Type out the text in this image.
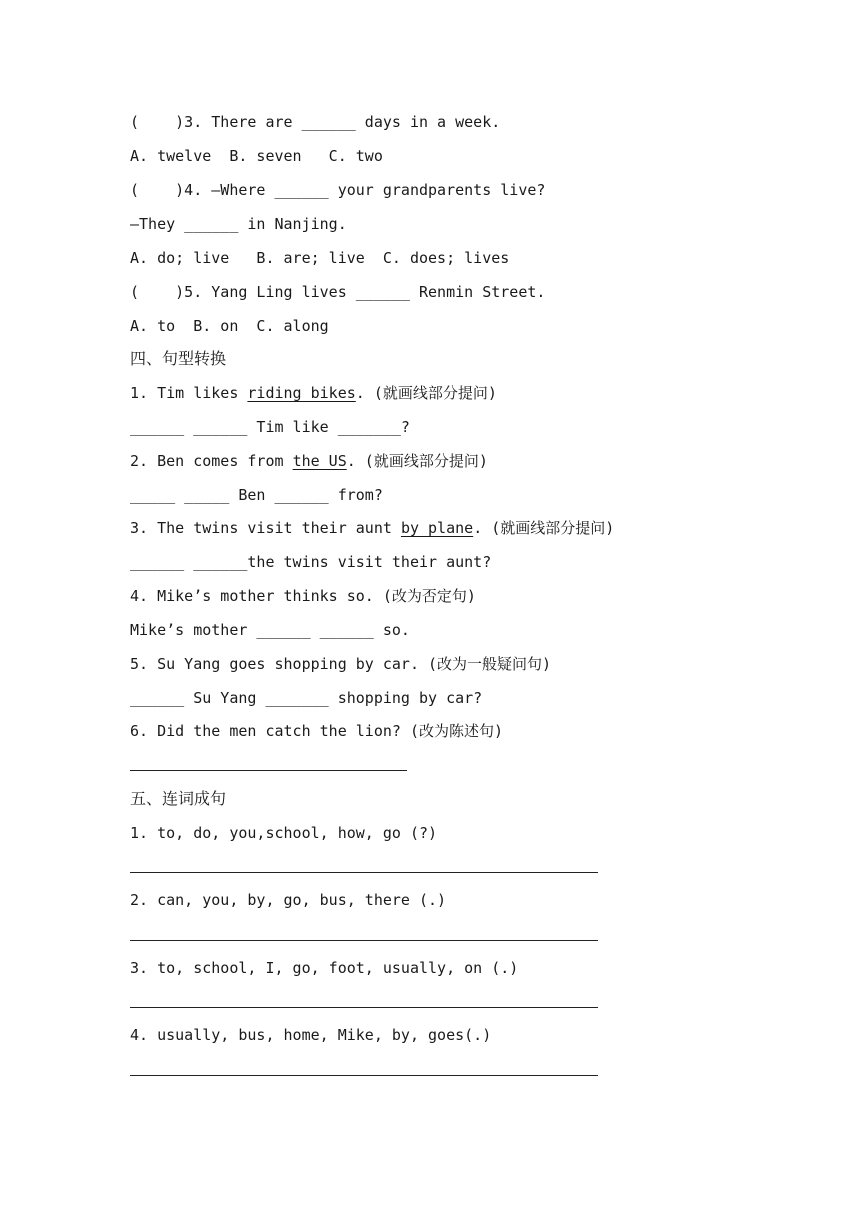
(    )3. There are ______ days in a week.
A. twelve  B. seven   C. two
(    )4. —Where ______ your grandparents live?
—They ______ in Nanjing.
A. do; live   B. are; live  C. does; lives
(    )5. Yang Ling lives ______ Renmin Street.
A. to  B. on  C. along
四、句型转换
1. Tim likes riding bikes. (就画线部分提问)
______ ______ Tim like _______?
2. Ben comes from the US. (就画线部分提问)
_____ _____ Ben ______ from?
3. The twins visit their aunt by plane. (就画线部分提问)
______ ______the twins visit their aunt?
4. Mike’s mother thinks so. (改为否定句)
Mike’s mother ______ ______ so.
5. Su Yang goes shopping by car. (改为一般疑问句)
______ Su Yang _______ shopping by car?
6. Did the men catch the lion? (改为陈述句)
五、连词成句
1. to, do, you,school, how, go (?)
2. can, you, by, go, bus, there (.)
3. to, school, I, go, foot, usually, on (.)
4. usually, bus, home, Mike, by, goes(.)
